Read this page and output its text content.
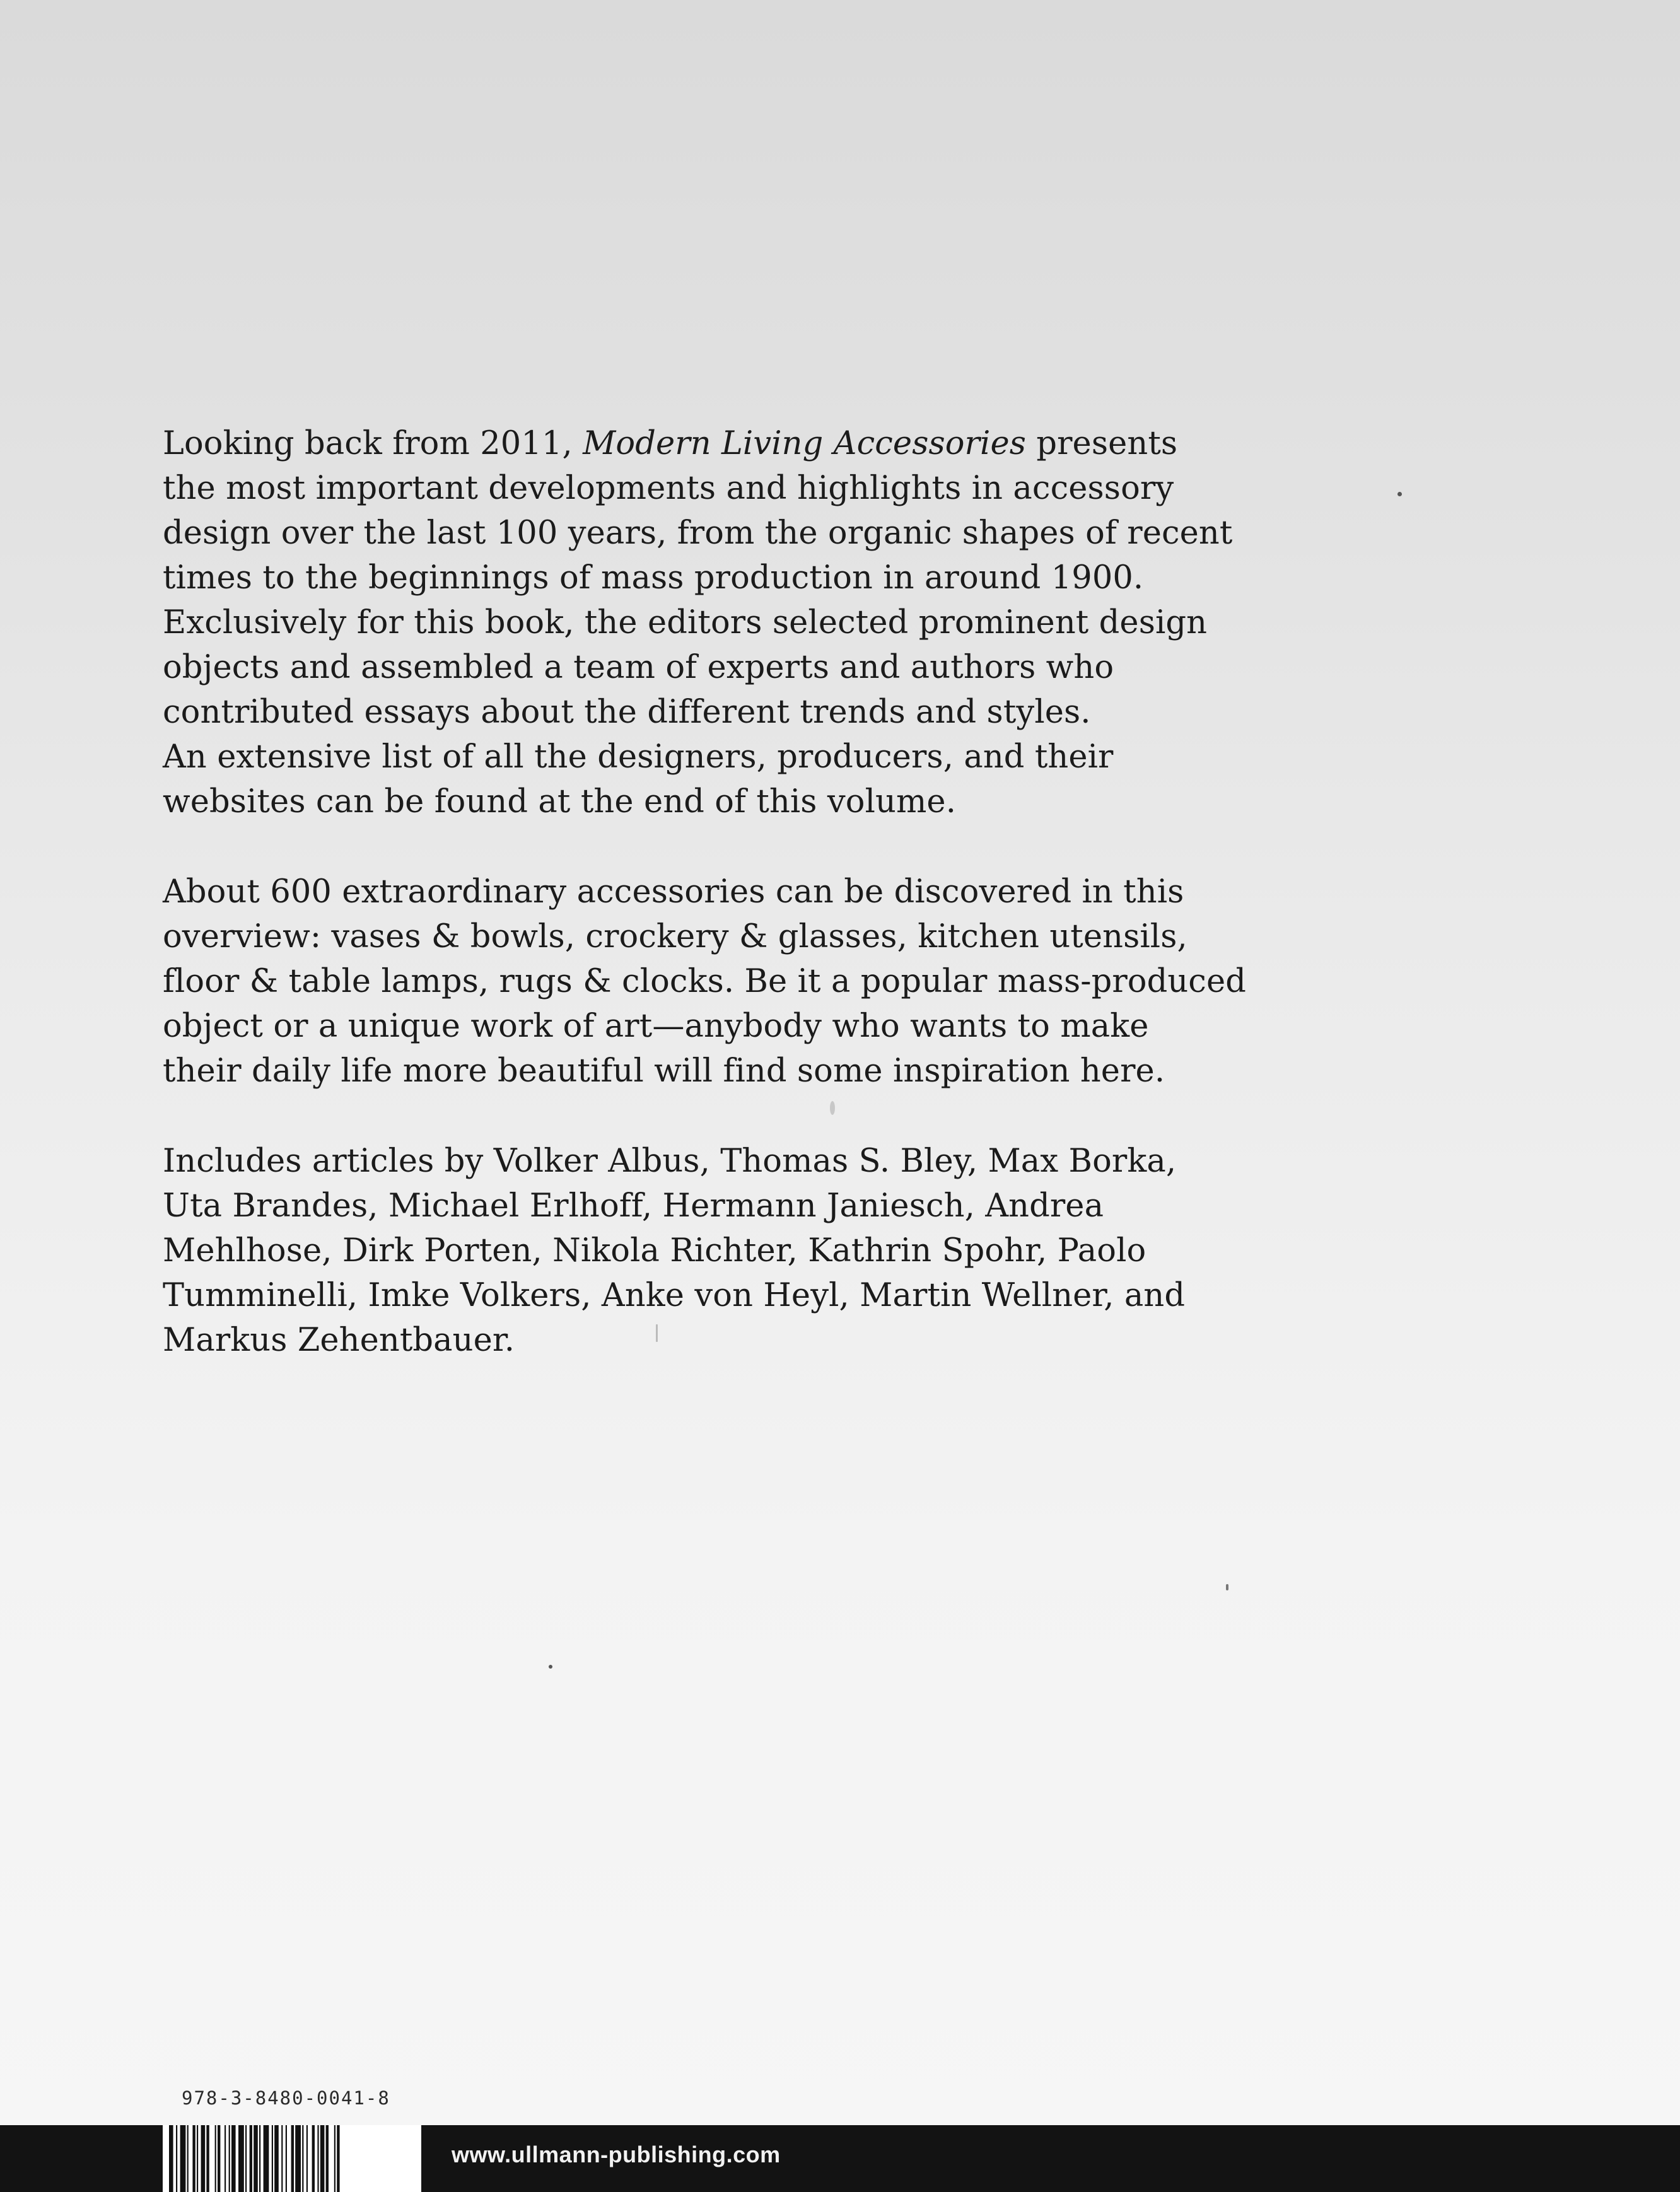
Looking back from 2011, Modern Living Accessories presents
the most important developments and highlights in accessory
design over the last 100 years, from the organic shapes of recent
times to the beginnings of mass production in around 1900.
Exclusively for this book, the editors selected prominent design
objects and assembled a team of experts and authors who
contributed essays about the different trends and styles.
An extensive list of all the designers, producers, and their
websites can be found at the end of this volume.

About 600 extraordinary accessories can be discovered in this
overview: vases & bowls, crockery & glasses, kitchen utensils,
floor & table lamps, rugs & clocks. Be it a popular mass-produced
object or a unique work of art—anybody who wants to make
their daily life more beautiful will find some inspiration here.

Includes articles by Volker Albus, Thomas S. Bley, Max Borka,
Uta Brandes, Michael Erlhoff, Hermann Janiesch, Andrea
Mehlhose, Dirk Porten, Nikola Richter, Kathrin Spohr, Paolo
Tumminelli, Imke Volkers, Anke von Heyl, Martin Wellner, and
Markus Zehentbauer.

978-3-8480-0041-8
www.ullmann-publishing.com
